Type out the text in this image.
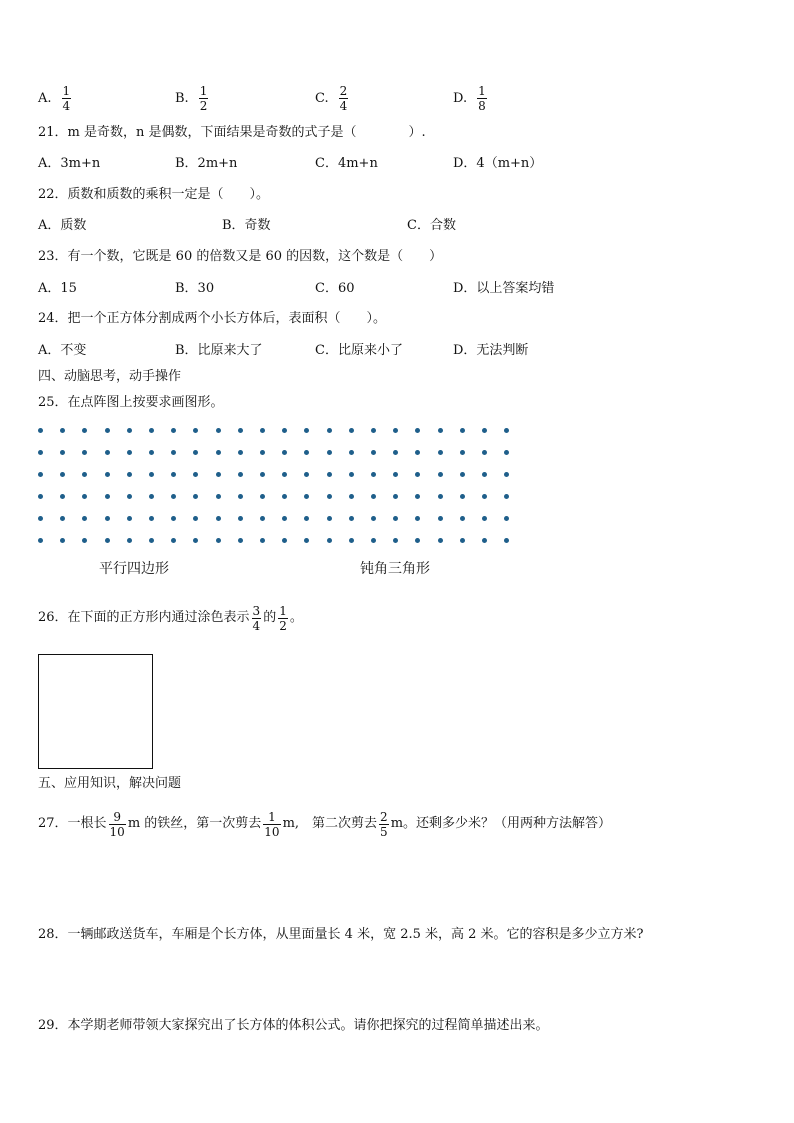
A. $\frac{1}{4}$	B. $\frac{1}{2}$	C. $\frac{2}{4}$	D. $\frac{1}{8}$
21．m 是奇数，n 是偶数，下面结果是奇数的式子是（　　　　）.
A．3m+n	B．2m+n	C．4m+n	D．4（m+n）
22．质数和质数的乘积一定是（　　）。
A．质数	B．奇数	C．合数
23．有一个数，它既是 60 的倍数又是 60 的因数，这个数是（　　）
A．15	B．30	C．60	D．以上答案均错
24．把一个正方体分割成两个小长方体后，表面积（　　）。
A．不变	B．比原来大了	C．比原来小了	D．无法判断
四、动脑思考，动手操作
25．在点阵图上按要求画图形。
平行四边形	钝角三角形
26．在下面的正方形内通过涂色表示 $\frac{3}{4}$ 的 $\frac{1}{2}$ 。
五、应用知识，解决问题
27．一根长 $\frac{9}{10}$ m 的铁丝，第一次剪去 $\frac{1}{10} m$,　第二次剪去 $\frac{2}{5}$ m。还剩多少米？（用两种方法解答）
28．一辆邮政送货车，车厢是个长方体，从里面量长 4 米，宽 2.5 米，高 2 米。它的容积是多少立方米?
29．本学期老师带领大家探究出了长方体的体积公式。请你把探究的过程简单描述出来。
